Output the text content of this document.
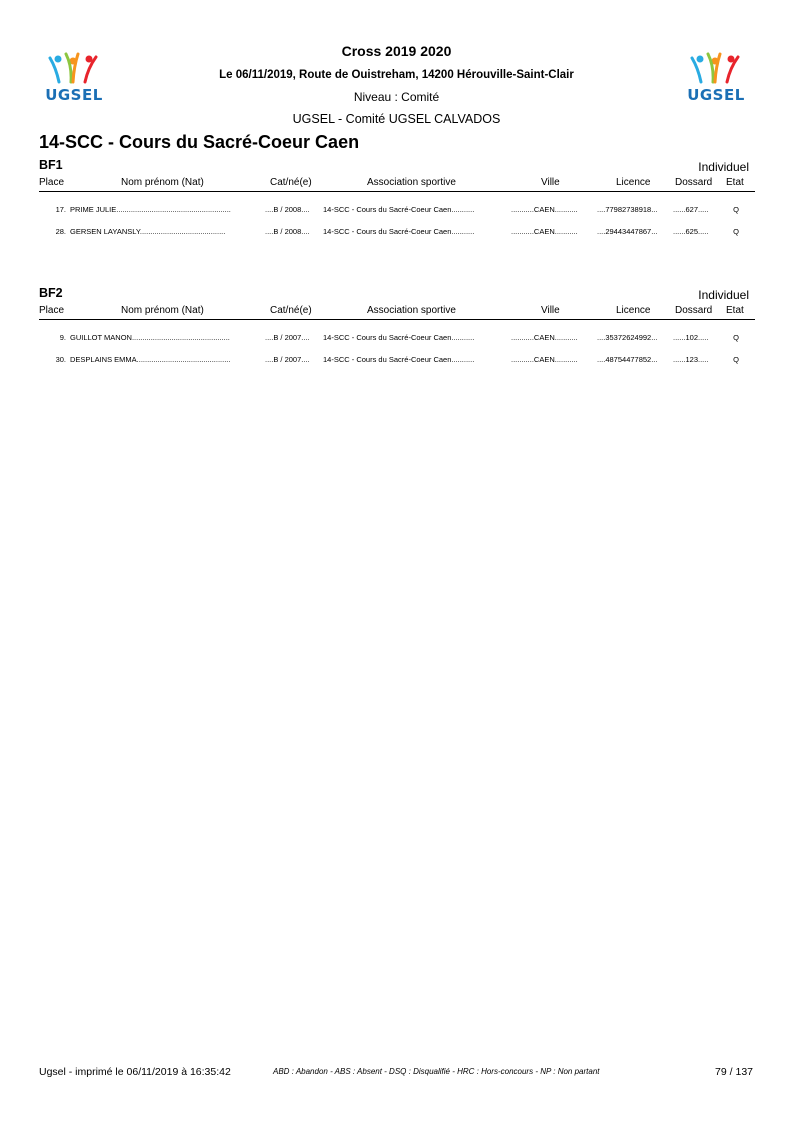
UGSEL	UGSEL
Cross 2019 2020
Le 06/11/2019, Route de Ouistreham, 14200 Hérouville-Saint-Clair
Niveau : Comité
UGSEL - Comité UGSEL CALVADOS
14-SCC - Cours du Sacré-Coeur Caen
BF1	Individuel
Place	Nom prénom (Nat)	Cat/né(e)	Association sportive	Ville	Licence Dossard Etat
17. PRIME JULIE.......................................................	....B / 2008....	14-SCC - Cours du Sacré-Coeur Caen...........	...........CAEN...........	....77982738918...	......627.....	Q
28. GERSEN LAYANSLY.........................................	....B / 2008....	14-SCC - Cours du Sacré-Coeur Caen...........	...........CAEN...........	....29443447867...	......625.....	Q
BF2	Individuel
Place	Nom prénom (Nat)	Cat/né(e)	Association sportive	Ville	Licence Dossard Etat
9. GUILLOT MANON...............................................	....B / 2007....	14-SCC - Cours du Sacré-Coeur Caen...........	...........CAEN...........	....35372624992...	......102.....	Q
30. DESPLAINS EMMA.............................................	....B / 2007....	14-SCC - Cours du Sacré-Coeur Caen...........	...........CAEN...........	....48754477852...	......123.....	Q
Ugsel - imprimé le 06/11/2019 à 16:35:42	ABD : Abandon - ABS : Absent - DSQ : Disqualifié - HRC : Hors-concours - NP : Non partant	79 / 137
